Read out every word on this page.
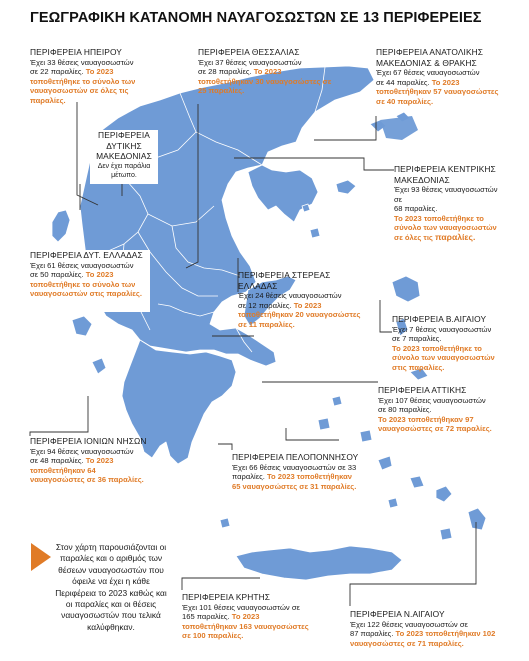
ΓΕΩΓΡΑΦΙΚΗ ΚΑΤΑΝΟΜΗ ΝΑΥΑΓΟΣΩΣΤΩΝ ΣΕ 13 ΠΕΡΙΦΕΡΕΙΕΣ
ΠΕΡΙΦΕΡΕΙΑ ΗΠΕΙΡΟΥ
Έχει 33 θέσεις ναυαγοσωστών
σε 22 παραλίες. Το 2023 τοποθετήθηκε το σύνολο των ναυαγοσωστών σε όλες τις παραλίες.
ΠΕΡΙΦΕΡΕΙΑ ΘΕΣΣΑΛΙΑΣ
Έχει 37 θέσεις ναυαγοσωστών
σε 28 παραλίες. Το 2023 τοποθετήθηκαν 30 ναυαγοσώστες σε 25 παραλίες.
ΠΕΡΙΦΕΡΕΙΑ ΑΝΑΤΟΛΙΚΗΣ ΜΑΚΕΔΟΝΙΑΣ & ΘΡΑΚΗΣ
Έχει 67 θέσεις ναυαγοσωστών
σε 44 παραλίες. Το 2023 τοποθετήθηκαν 57 ναυαγοσώστες σε 40 παραλίες.
ΠΕΡΙΦΕΡΕΙΑ ΔΥΤΙΚΗΣ ΜΑΚΕΔΟΝΙΑΣ
Δεν έχει παράλια
μέτωπο.
ΠΕΡΙΦΕΡΕΙΑ ΚΕΝΤΡΙΚΗΣ ΜΑΚΕΔΟΝΙΑΣ
Έχει 93 θέσεις ναυαγοσωστών σε
68 παραλίες.
Το 2023 τοποθετήθηκε το σύνολο των ναυαγοσωστών σε όλες τις παραλίες.
ΠΕΡΙΦΕΡΕΙΑ ΔΥΤ. ΕΛΛΑΔΑΣ
Έχει 61 θέσεις ναυαγοσωστών
σε 50 παραλίες. Το 2023 τοποθετήθηκε το σύνολο των ναυαγοσωστών στις παραλίες.
ΠΕΡΙΦΕΡΕΙΑ ΣΤΕΡΕΑΣ ΕΛΛΑΔΑΣ
Έχει 24 θέσεις ναυαγοσωστών
σε 12 παραλίες. Το 2023 τοποθετήθηκαν 20 ναυαγοσώστες σε 11 παραλίες.
ΠΕΡΙΦΕΡΕΙΑ Β.ΑΙΓΑΙΟΥ
Έχει 7 θέσεις ναυαγοσωστών
σε 7 παραλίες.
Το 2023 τοποθετήθηκε το σύνολο των ναυαγοσωστών στις παραλίες.
ΠΕΡΙΦΕΡΕΙΑ ΑΤΤΙΚΗΣ
Έχει 107 θέσεις ναυαγοσωστών
σε 80 παραλίες.
Το 2023 τοποθετήθηκαν 97 ναυαγοσώστες σε 72 παραλίες.
ΠΕΡΙΦΕΡΕΙΑ ΙΟΝΙΩΝ ΝΗΣΩΝ
Έχει 94 θέσεις ναυαγοσωστών
σε 48 παραλίες. Το 2023 τοποθετήθηκαν 64 ναυαγοσώστες σε 36 παραλίες.
ΠΕΡΙΦΕΡΕΙΑ ΠΕΛΟΠΟΝΝΗΣΟΥ
Έχει 66 θέσεις ναυαγοσωστών σε 33
παραλίες. Το 2023 τοποθετήθηκαν 65 ναυαγοσώστες σε 31 παραλίες.
Στον χάρτη παρουσιάζονται οι παραλίες και ο αριθμός των θέσεων ναυαγοσωστών που όφειλε να έχει η κάθε Περιφέρεια το 2023 καθώς και οι παραλίες και οι θέσεις ναυαγοσωστών που τελικά καλύφθηκαν.
ΠΕΡΙΦΕΡΕΙΑ ΚΡΗΤΗΣ
Έχει 101 θέσεις ναυαγοσωστών σε
165 παραλίες. Το 2023 τοποθετήθηκαν 163 ναυαγοσώστες σε 100 παραλίες.
ΠΕΡΙΦΕΡΕΙΑ Ν.ΑΙΓΑΙΟΥ
Έχει 122 θέσεις ναυαγοσωστών σε
87 παραλίες. Το 2023 τοποθετήθηκαν 102 ναυαγοσώστες σε 71 παραλίες.
